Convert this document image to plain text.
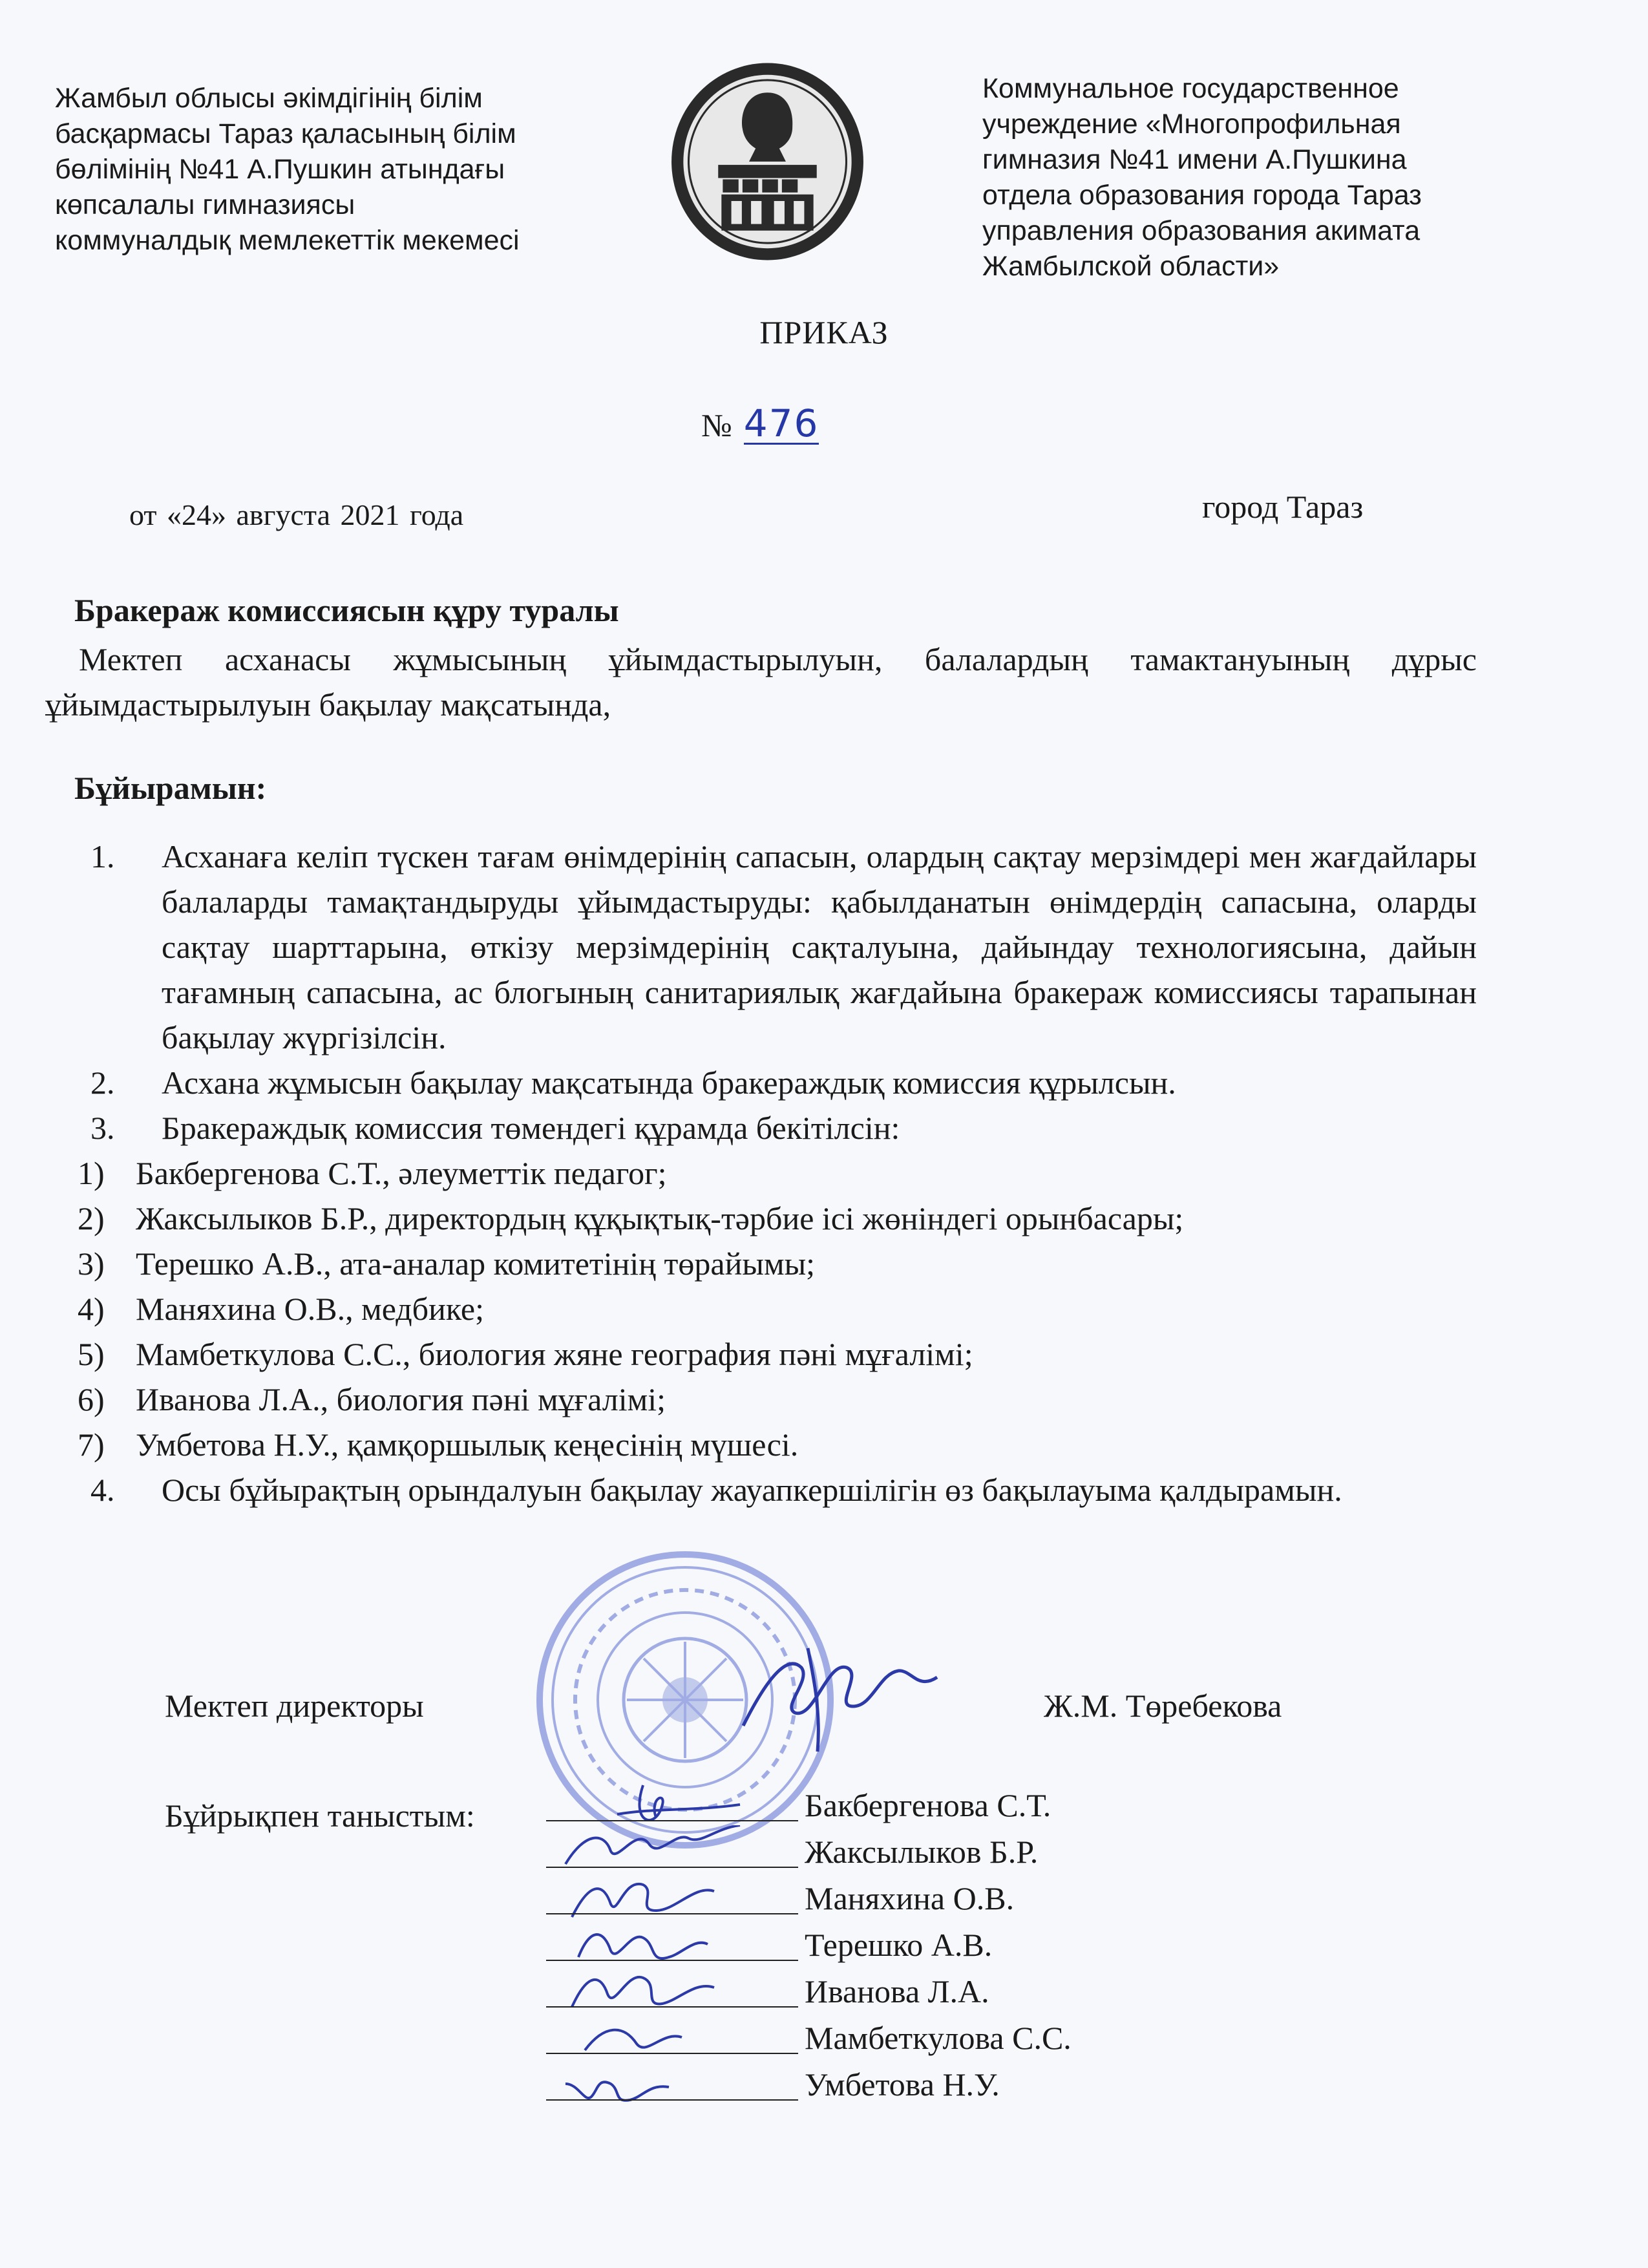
Жамбыл облысы әкімдігінің білім
басқармасы Тараз қаласының білім
бөлімінің №41 А.Пушкин атындағы
көпсалалы гимназиясы
коммуналдық мемлекеттік мекемесі
Коммунальное государственное
учреждение «Многопрофильная
гимназия №41 имени А.Пушкина
отдела образования города Тараз
управления образования акимата
Жамбылской области»
ПРИКАЗ
№ 476
от «24» августа 2021 года	город Тараз
Бракераж комиссиясын құру туралы
Мектеп асханасы жұмысының ұйымдастырылуын, балалардың тамактануының дұрыс ұйымдастырылуын бақылау мақсатында,
Бұйырамын:
1.	Асханаға келіп түскен тағам өнімдерінің сапасын, олардың сақтау мерзімдері мен жағдайлары балаларды тамақтандыруды ұйымдастыруды: қабылданатын өнімдердің сапасына, оларды сақтау шарттарына, өткізу мерзімдерінің сақталуына, дайындау технологиясына, дайын тағамның сапасына, ас блогының санитариялық жағдайына бракераж комиссиясы тарапынан бақылау жүргізілсін.
2.	Асхана жұмысын бақылау мақсатында бракераждық комиссия құрылсын.
3.	Бракераждық комиссия төмендегі құрамда бекітілсін:
1) Бакбергенова С.Т., әлеуметтік педагог;
2) Жаксылыков Б.Р., директордың құқықтық-тәрбие ісі жөніндегі орынбасары;
3) Терешко А.В., ата-аналар комитетінің төрайымы;
4) Маняхина О.В., медбике;
5) Мамбеткулова С.С., биология жяне география пәні мұғалімі;
6) Иванова Л.А., биология пәні мұғалімі;
7) Умбетова Н.У., қамқоршылық кеңесінің мүшесі.
4.	Осы бұйырақтың орындалуын бақылау жауапкершілігін өз бақылауыма қалдырамын.
Мектеп директоры	Ж.М. Төребекова
Бұйрықпен таныстым:	Бакбергенова С.Т.
Жаксылыков Б.Р.
Маняхина О.В.
Терешко А.В.
Иванова Л.А.
Мамбеткулова С.С.
Умбетова Н.У.
